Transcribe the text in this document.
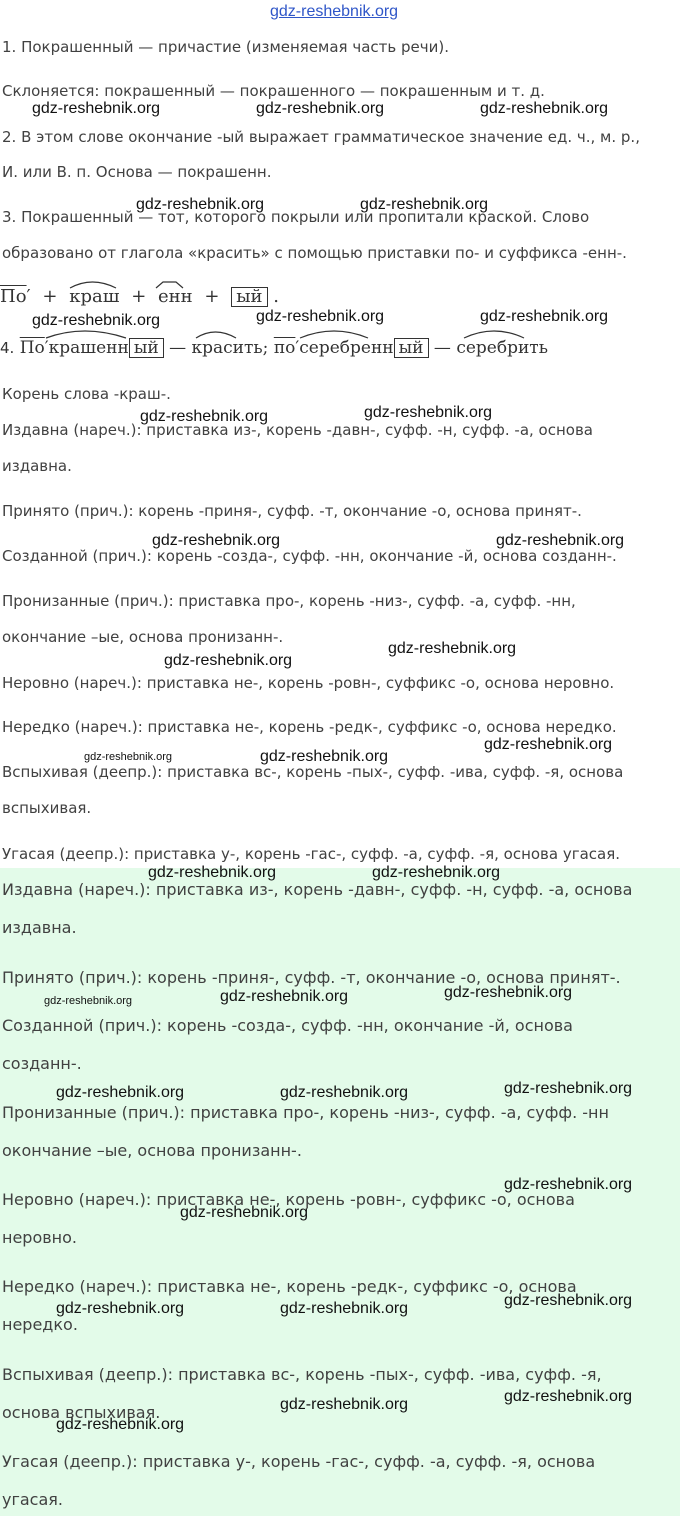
gdz-reshebnik.org

1. Покрашенный — причастие (изменяемая часть речи).

Склоняется: покрашенный — покрашенного — покрашенным и т. д.

2. В этом слове окончание -ый выражает грамматическое значение ед. ч., м. р.,

И. или В. п. Основа — покрашенн.

3. Покрашенный — тот, которого покрыли или пропитали краской. Слово

образовано от глагола «красить» с помощью приставки по- и суффикса -енн-.

По′ + краш + енн + ый .
4. По′крашенн ый — красить; по′серебренн ый — серебрить

Корень слова -краш-.

Издавна (нареч.): приставка из-, корень -давн-, суфф. -н, суфф. -а, основа

издавна.

Принято (прич.): корень -приня-, суфф. -т, окончание -о, основа принят-.

Созданной (прич.): корень -созда-, суфф. -нн, окончание -й, основа созданн-.

Пронизанные (прич.): приставка про-, корень -низ-, суфф. -а, суфф. -нн,

окончание –ые, основа пронизанн-.

Неровно (нареч.): приставка не-, корень -ровн-, суффикс -о, основа неровно.

Нередко (нареч.): приставка не-, корень -редк-, суффикс -о, основа нередко.

Вспыхивая (деепр.): приставка вс-, корень -пых-, суфф. -ива, суфф. -я, основа

вспыхивая.

Угасая (деепр.): приставка у-, корень -гас-, суфф. -а, суфф. -я, основа угасая.

Издавна (нареч.): приставка из-, корень -давн-, суфф. -н, суфф. -а, основа

издавна.

Принято (прич.): корень -приня-, суфф. -т, окончание -о, основа принят-.

Созданной (прич.): корень -созда-, суфф. -нн, окончание -й, основа

созданн-.

Пронизанные (прич.): приставка про-, корень -низ-, суфф. -а, суфф. -нн

окончание –ые, основа пронизанн-.

Неровно (нареч.): приставка не-, корень -ровн-, суффикс -о, основа

неровно.

Нередко (нареч.): приставка не-, корень -редк-, суффикс -о, основа

нередко.

Вспыхивая (деепр.): приставка вс-, корень -пых-, суфф. -ива, суфф. -я,

основа вспыхивая.

Угасая (деепр.): приставка у-, корень -гас-, суфф. -а, суфф. -я, основа

угасая.

gdz-reshebnik.org	gdz-reshebnik.org	gdz-reshebnik.org
gdz-reshebnik.org	gdz-reshebnik.org
gdz-reshebnik.org	gdz-reshebnik.org	gdz-reshebnik.org
gdz-reshebnik.org	gdz-reshebnik.org
gdz-reshebnik.org	gdz-reshebnik.org
gdz-reshebnik.org
gdz-reshebnik.org
gdz-reshebnik.org	gdz-reshebnik.org
gdz-reshebnik.org
gdz-reshebnik.org	gdz-reshebnik.org
gdz-reshebnik.org	gdz-reshebnik.org	gdz-reshebnik.org
gdz-reshebnik.org	gdz-reshebnik.org	gdz-reshebnik.org
gdz-reshebnik.org
gdz-reshebnik.org
gdz-reshebnik.org
gdz-reshebnik.org	gdz-reshebnik.org
gdz-reshebnik.org
gdz-reshebnik.org
gdz-reshebnik.org
